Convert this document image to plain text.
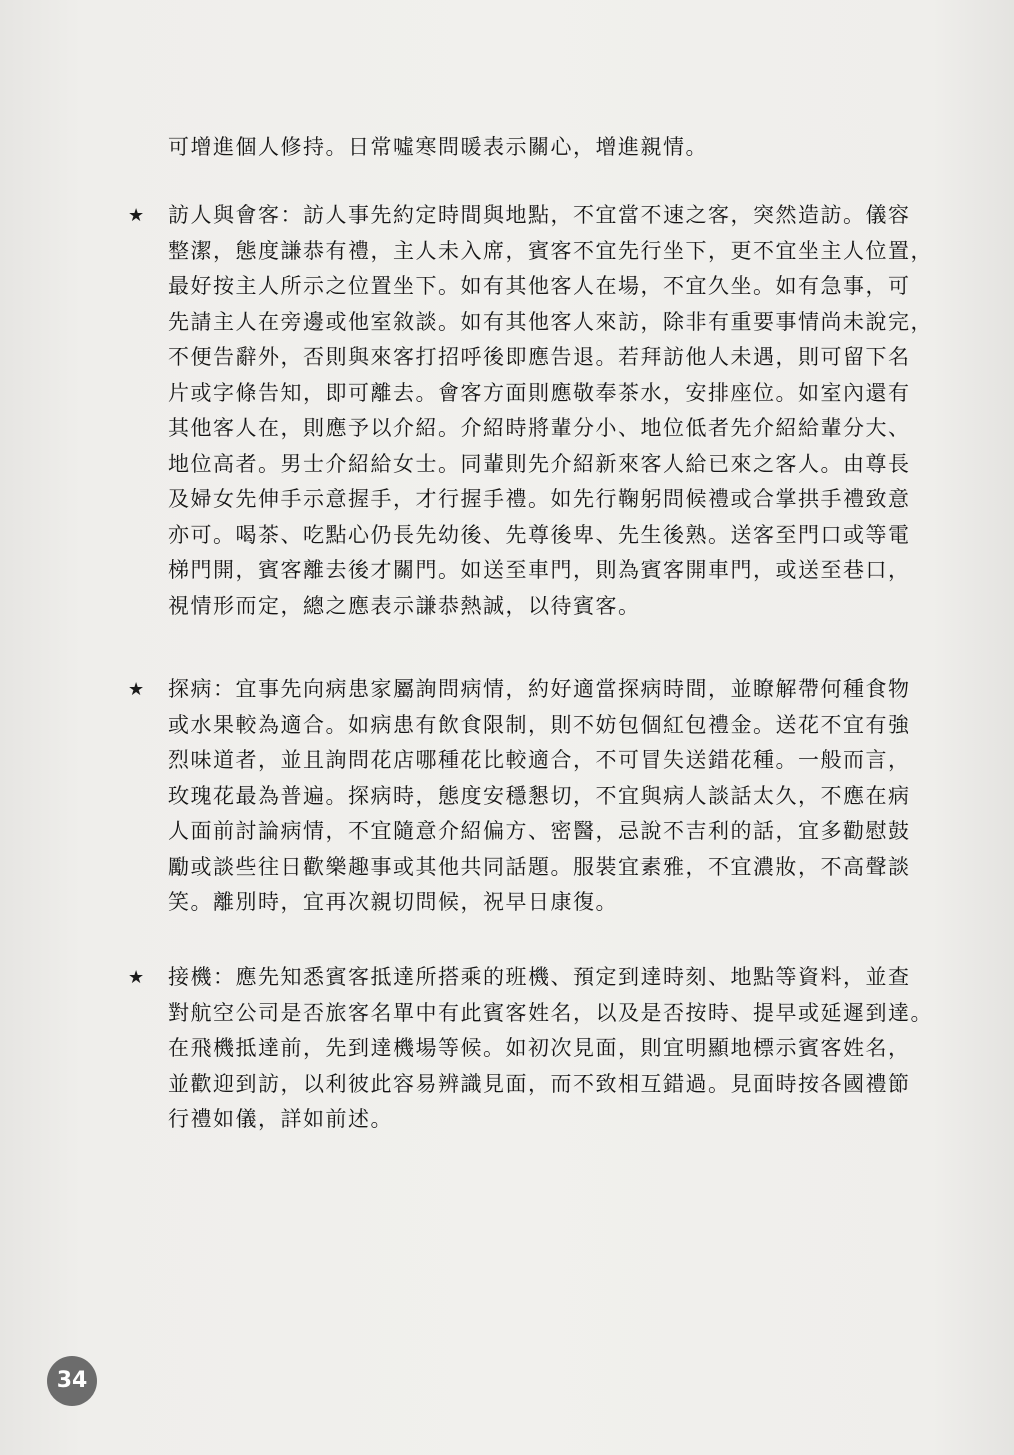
可增進個人修持。日常噓寒問暖表示關心，增進親情。
★ 訪人與會客：訪人事先約定時間與地點，不宜當不速之客，突然造訪。儀容
整潔，態度謙恭有禮，主人未入席，賓客不宜先行坐下，更不宜坐主人位置，
最好按主人所示之位置坐下。如有其他客人在場，不宜久坐。如有急事，可
先請主人在旁邊或他室敘談。如有其他客人來訪，除非有重要事情尚未說完，
不便告辭外，否則與來客打招呼後即應告退。若拜訪他人未遇，則可留下名
片或字條告知，即可離去。會客方面則應敬奉茶水，安排座位。如室內還有
其他客人在，則應予以介紹。介紹時將輩分小、地位低者先介紹給輩分大、
地位高者。男士介紹給女士。同輩則先介紹新來客人給已來之客人。由尊長
及婦女先伸手示意握手，才行握手禮。如先行鞠躬問候禮或合掌拱手禮致意
亦可。喝茶、吃點心仍長先幼後、先尊後卑、先生後熟。送客至門口或等電
梯門開，賓客離去後才關門。如送至車門，則為賓客開車門，或送至巷口，
視情形而定，總之應表示謙恭熱誠，以待賓客。
★ 探病：宜事先向病患家屬詢問病情，約好適當探病時間，並瞭解帶何種食物
或水果較為適合。如病患有飲食限制，則不妨包個紅包禮金。送花不宜有強
烈味道者，並且詢問花店哪種花比較適合，不可冒失送錯花種。一般而言，
玫瑰花最為普遍。探病時，態度安穩懇切，不宜與病人談話太久，不應在病
人面前討論病情，不宜隨意介紹偏方、密醫，忌說不吉利的話，宜多勸慰鼓
勵或談些往日歡樂趣事或其他共同話題。服裝宜素雅，不宜濃妝，不高聲談
笑。離別時，宜再次親切問候，祝早日康復。
★ 接機：應先知悉賓客抵達所搭乘的班機、預定到達時刻、地點等資料，並查
對航空公司是否旅客名單中有此賓客姓名，以及是否按時、提早或延遲到達。
在飛機抵達前，先到達機場等候。如初次見面，則宜明顯地標示賓客姓名，
並歡迎到訪，以利彼此容易辨識見面，而不致相互錯過。見面時按各國禮節
行禮如儀，詳如前述。
34
